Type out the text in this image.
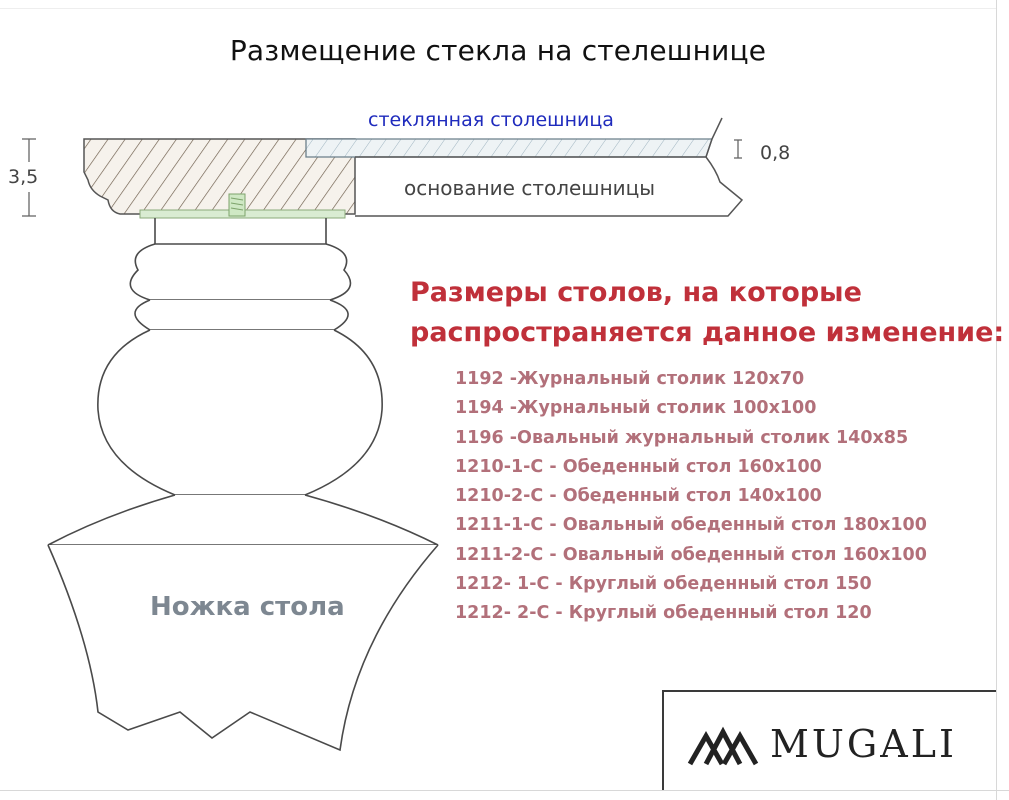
Размещение стекла на стелешнице
стеклянная столешница
основание столешницы
3,5
0,8
Ножка стола
Размеры столов, на которые
распространяется данное изменение:
1192 -Журнальный столик 120х70
1194 -Журнальный столик 100х100
1196 -Овальный журнальный столик 140х85
1210-1-С - Обеденный стол 160х100
1210-2-С - Обеденный стол 140х100
1211-1-С - Овальный обеденный стол 180х100
1211-2-С - Овальный обеденный стол 160х100
1212- 1-С - Круглый обеденный стол 150
1212- 2-С - Круглый обеденный стол 120
MUGALI
